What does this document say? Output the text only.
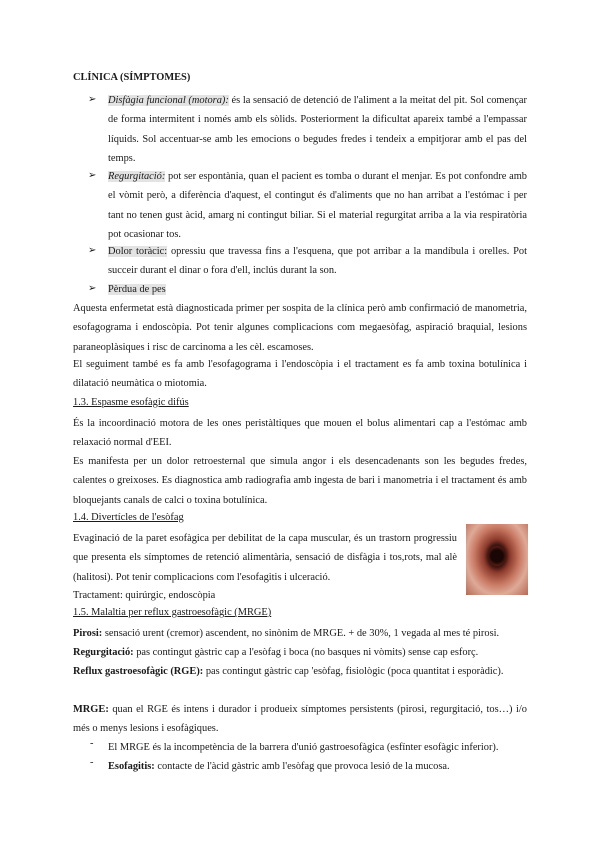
CLÍNICA (SÍMPTOMES)
➢ Disfàgia funcional (motora): és la sensació de detenció de l'aliment a la meitat del pit. Sol començar de forma intermitent i només amb els sòlids. Posteriorment la dificultat apareix també a l'empassar líquids. Sol accentuar-se amb les emocions o begudes fredes i tendeix a empitjorar amb el pas del temps.
➢ Regurgitació: pot ser espontània, quan el pacient es tomba o durant el menjar. Es pot confondre amb el vòmit però, a diferència d'aquest, el contingut és d'aliments que no han arribat a l'estómac i per tant no tenen gust àcid, amarg ni contingut biliar. Si el material regurgitat arriba a la via respiratòria pot ocasionar tos.
➢ Dolor toràcic: opressiu que travessa fins a l'esquena, que pot arribar a la mandíbula i orelles. Pot succeir durant el dinar o fora d'ell, inclús durant la son.
➢ Pèrdua de pes
Aquesta enfermetat està diagnosticada primer per sospita de la clínica però amb confirmació de manometria, esofagograma i endoscòpia. Pot tenir algunes complicacions com megaesòfag, aspiració braquial, lesions paraneoplàsiques i risc de carcinoma a les cèl. escamoses.
El seguiment també es fa amb l'esofagograma i l'endoscòpia i el tractament es fa amb toxina botulínica i dilatació neumàtica o miotomia.
1.3. Espasme esofàgic difús
És la incoordinació motora de les ones peristàltiques que mouen el bolus alimentari cap a l'estómac amb relaxació normal d'EEI.
Es manifesta per un dolor retroesternal que simula angor i els desencadenants son les begudes fredes, calentes o greixoses. Es diagnostica amb radiografia amb ingesta de bari i manometria i el tractament és amb bloquejants canals de calci o toxina botulínica.
1.4. Divertícles de l'esòfag
Evaginació de la paret esofàgica per debilitat de la capa muscular, és un trastorn progressiu que presenta els símptomes de retenció alimentària, sensació de disfàgia i tos,rots, mal alè (halitosi). Pot tenir complicacions com l'esofagitis i ulceració.
Tractament: quirúrgic, endoscòpia
1.5. Malaltia per reflux gastroesofàgic (MRGE)
Pirosi: sensació urent (cremor) ascendent, no sinònim de MRGE. + de 30%, 1 vegada al mes té pirosi.
Regurgitació: pas contingut gàstric cap a l'esòfag i boca (no basques ni vòmits) sense cap esforç.
Reflux gastroesofàgic (RGE): pas contingut gàstric cap 'esòfag, fisiològic (poca quantitat i esporàdic).
MRGE: quan el RGE és intens i durador i produeix símptomes persistents (pirosi, regurgitació, tos…) i/o més o menys lesions i esofàgiques.
- El MRGE és la incompetència de la barrera d'unió gastroesofàgica (esfínter esofàgic inferior).
- Esofagitis: contacte de l'àcid gàstric amb l'esòfag que provoca lesió de la mucosa.
